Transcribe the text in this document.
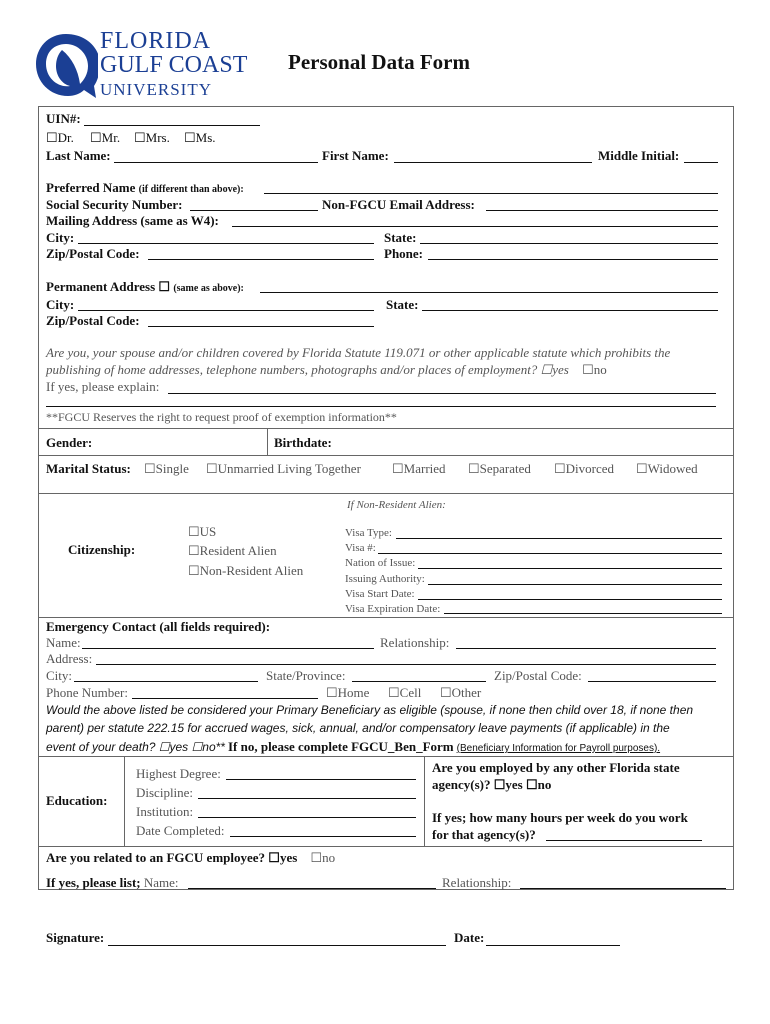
FLORIDA
GULF COAST
UNIVERSITY
Personal Data Form
UIN#:
☐Dr. ☐Mr. ☐Mrs. ☐Ms.
Last Name:	First Name:	Middle Initial:
Preferred Name (if different than above):
Social Security Number:	Non-FGCU Email Address:
Mailing Address (same as W4):
City:	State:
Zip/Postal Code:	Phone:
Permanent Address ☐ (same as above):
City:	State:
Zip/Postal Code:
Are you, your spouse and/or children covered by Florida Statute 119.071 or other applicable statute which prohibits the
publishing of home addresses, telephone numbers, photographs and/or places of employment? ☐yes ☐no
If yes, please explain:
**FGCU Reserves the right to request proof of exemption information**
Gender:	Birthdate:
Marital Status: ☐Single ☐Unmarried Living Together ☐Married ☐Separated ☐Divorced ☐Widowed
If Non-Resident Alien:
Citizenship:
☐US
☐Resident Alien
☐Non-Resident Alien
Visa Type:
Visa #:
Nation of Issue:
Issuing Authority:
Visa Start Date:
Visa Expiration Date:
Emergency Contact (all fields required):
Name:	Relationship:
Address:
City:	State/Province:	Zip/Postal Code:
Phone Number:	☐Home ☐Cell ☐Other
Would the above listed be considered your Primary Beneficiary as eligible (spouse, if none then child over 18, if none then
parent) per statute 222.15 for accrued wages, sick, annual, and/or compensatory leave payments (if applicable) in the
event of your death? ☐yes ☐no** If no, please complete FGCU_Ben_Form (Beneficiary Information for Payroll purposes).
Education:
Highest Degree:
Discipline:
Institution:
Date Completed:
Are you employed by any other Florida state
agency(s)? ☐yes ☐no
If yes; how many hours per week do you work
for that agency(s)?
Are you related to an FGCU employee? ☐yes ☐no
If yes, please list; Name:	Relationship:
Signature:	Date:
